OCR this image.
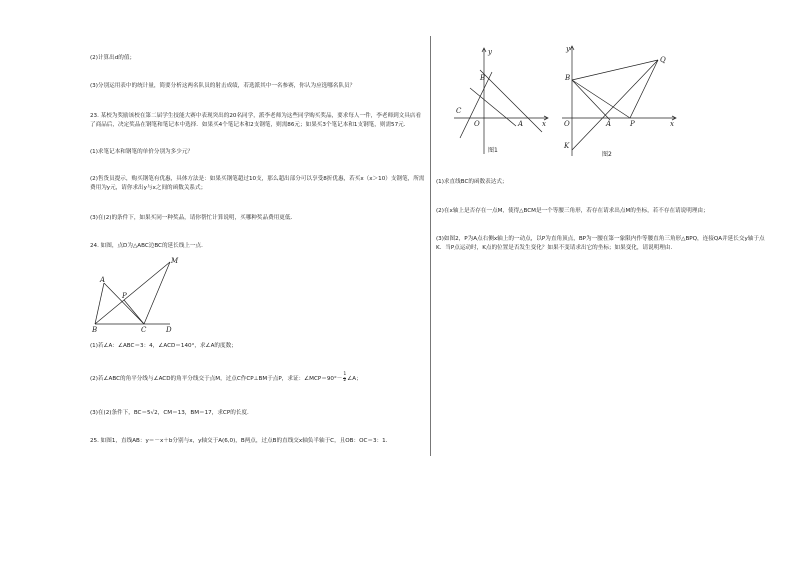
(2)计算出d的值；

(3)分别运用表中的统计量，简要分析这两名队员的射击成绩，若选派其中一名参赛，你认为应选哪名队员？

23. 某校为奖励该校在第二届学生技能大赛中表现突出的20名同学，派李老师为这些同学购买奖品，要求每人一件，李老师到文具店看了商品后，决定奖品在钢笔和笔记本中选择．如果买4个笔记本和2支钢笔，则需86元；如果买3个笔记本和1支钢笔，则需57元．

(1)求笔记本和钢笔的单价分别为多少元？

(2)售货员提示，购买钢笔有优惠，具体方法是：如果买钢笔超过10支，那么超出部分可以享受8折优惠，若买x（x＞10）支钢笔，所需费用为y元，请你求出y与x之间的函数关系式；

(3)在(2)的条件下，如果买同一种奖品，请你帮忙计算说明，买哪种奖品费用更低．

24. 如图，点D为△ABC边BC的延长线上一点．

M
A
P
B	C	D

(1)若∠A：∠ABC＝3：4，∠ACD＝140°，求∠A的度数；

(2)若∠ABC的角平分线与∠ACD的角平分线交于点M，过点C作CP⊥BM于点P，求证：∠MCP＝90°－ $\frac{1}{2}$ ∠A；

(3)在(2)条件下，BC＝5√2，CM＝13，BM＝17，求CP的长度．

25. 如图1，直线AB：y＝－x＋b分别与x，y轴交于A(6,0)，B两点，过点B的直线交x轴负半轴于C，且OB：OC＝3：1．

y
B
C
O	A	x
图1
y
Q
B
O	A	P	x
K
图2

(1)求直线BC的函数表达式；

(2)在x轴上是否存在一点M，使得△BCM是一个等腰三角形，若存在请求出点M的坐标，若不存在请说明理由；

(3)如图2，P为A点右侧x轴上的一动点，以P为直角顶点，BP为一腰在第一象限内作等腰直角三角形△BPQ，连接QA并延长交y轴于点K．当P点运动时，K点的位置是否发生变化？如果不变请求出它的坐标；如果变化，请说明理由．
